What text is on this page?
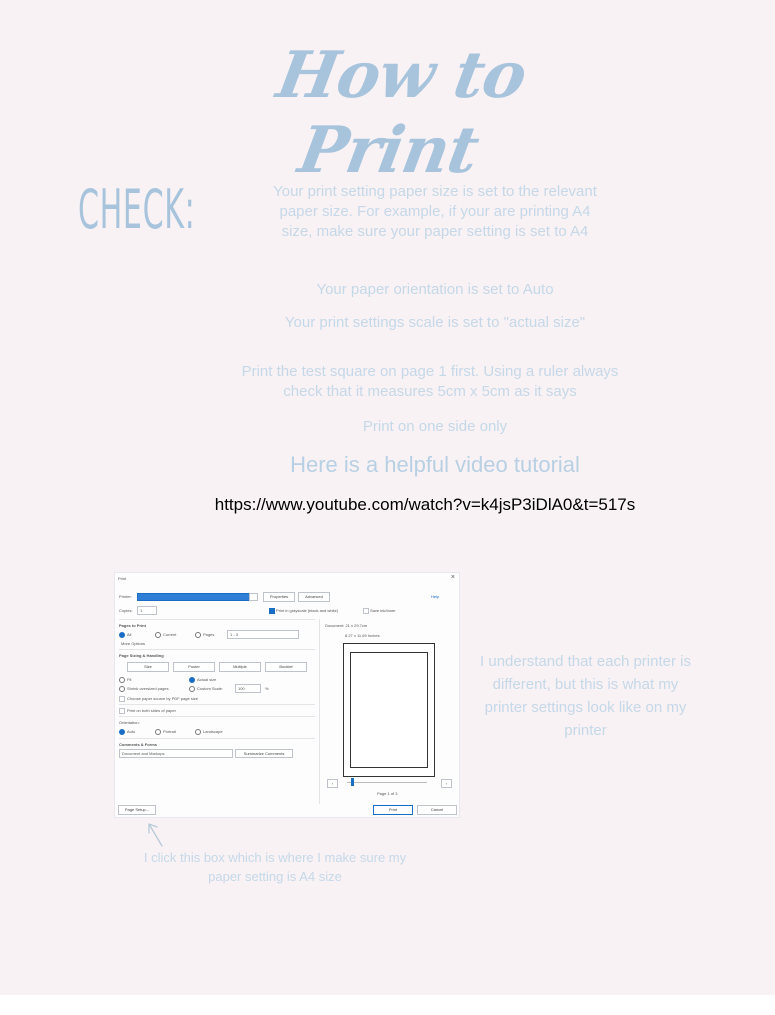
How to Print
CHECK:	Your print setting paper size is set to the relevant paper size. For example, if your are printing A4 size, make sure your paper setting is set to A4
Your paper orientation is set to Auto
Your print settings scale is set to "actual size"
Print the test square on page 1 first. Using a ruler always check that it measures 5cm x 5cm as it says
Print on one side only
Here is a helpful video tutorial
https://www.youtube.com/watch?v=k4jsP3iDlA0&t=517s
Print	×
Printer:	Properties	Advanced	Help
Copies: 1	Print in grayscale (black and white)	Save ink/toner
Pages to Print
All	Current	Pages	1 - 3
More Options
Page Sizing & Handling
Size	Poster	Multiple	Booklet
Fit	Actual size
Shrink oversized pages	Custom Scale:	100	%
Choose paper source by PDF page size
Print on both sides of paper
Orientation:
Auto	Portrait	Landscape
Comments & Forms
Document and Markups	Summarize Comments
Document: 21 x 29.7cm
8.27 x 11.69 Inches
‹	›
Page 1 of 3
Page Setup...	Print	Cancel
I understand that each printer is different, but this is what my printer settings look like on my printer
I click this box which is where I make sure my paper setting is A4 size
